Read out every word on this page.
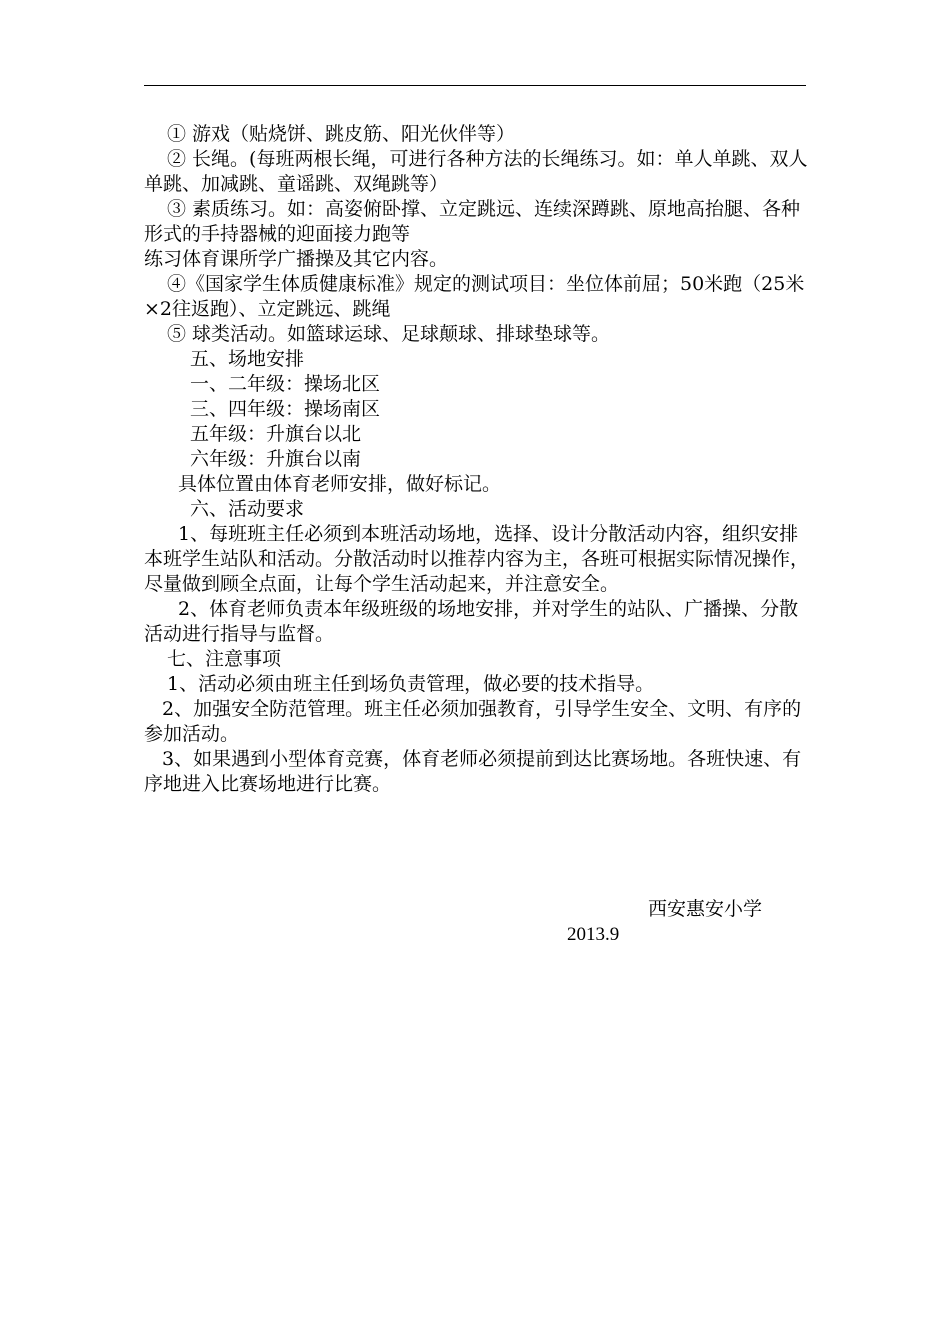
① 游戏（贴烧饼、跳皮筋、阳光伙伴等）

② 长绳。(每班两根长绳，可进行各种方法的长绳练习。如：单人单跳、双人单跳、加减跳、童谣跳、双绳跳等）

③ 素质练习。如：高姿俯卧撑、立定跳远、连续深蹲跳、原地高抬腿、各种形式的手持器械的迎面接力跑等

练习体育课所学广播操及其它内容。

④《国家学生体质健康标准》规定的测试项目：坐位体前屈；50米跑（25米×2往返跑）、立定跳远、跳绳

⑤ 球类活动。如篮球运球、足球颠球、排球垫球等。

五、场地安排

一、二年级：操场北区

三、四年级：操场南区

五年级：升旗台以北

六年级：升旗台以南

具体位置由体育老师安排，做好标记。

六、活动要求

1、每班班主任必须到本班活动场地，选择、设计分散活动内容，组织安排本班学生站队和活动。分散活动时以推荐内容为主，各班可根据实际情况操作，尽量做到顾全点面，让每个学生活动起来，并注意安全。

2、体育老师负责本年级班级的场地安排，并对学生的站队、广播操、分散活动进行指导与监督。

七、注意事项

1、活动必须由班主任到场负责管理，做必要的技术指导。

2、加强安全防范管理。班主任必须加强教育，引导学生安全、文明、有序的参加活动。

3、如果遇到小型体育竞赛，体育老师必须提前到达比赛场地。各班快速、有序地进入比赛场地进行比赛。

西安惠安小学
2013.9
